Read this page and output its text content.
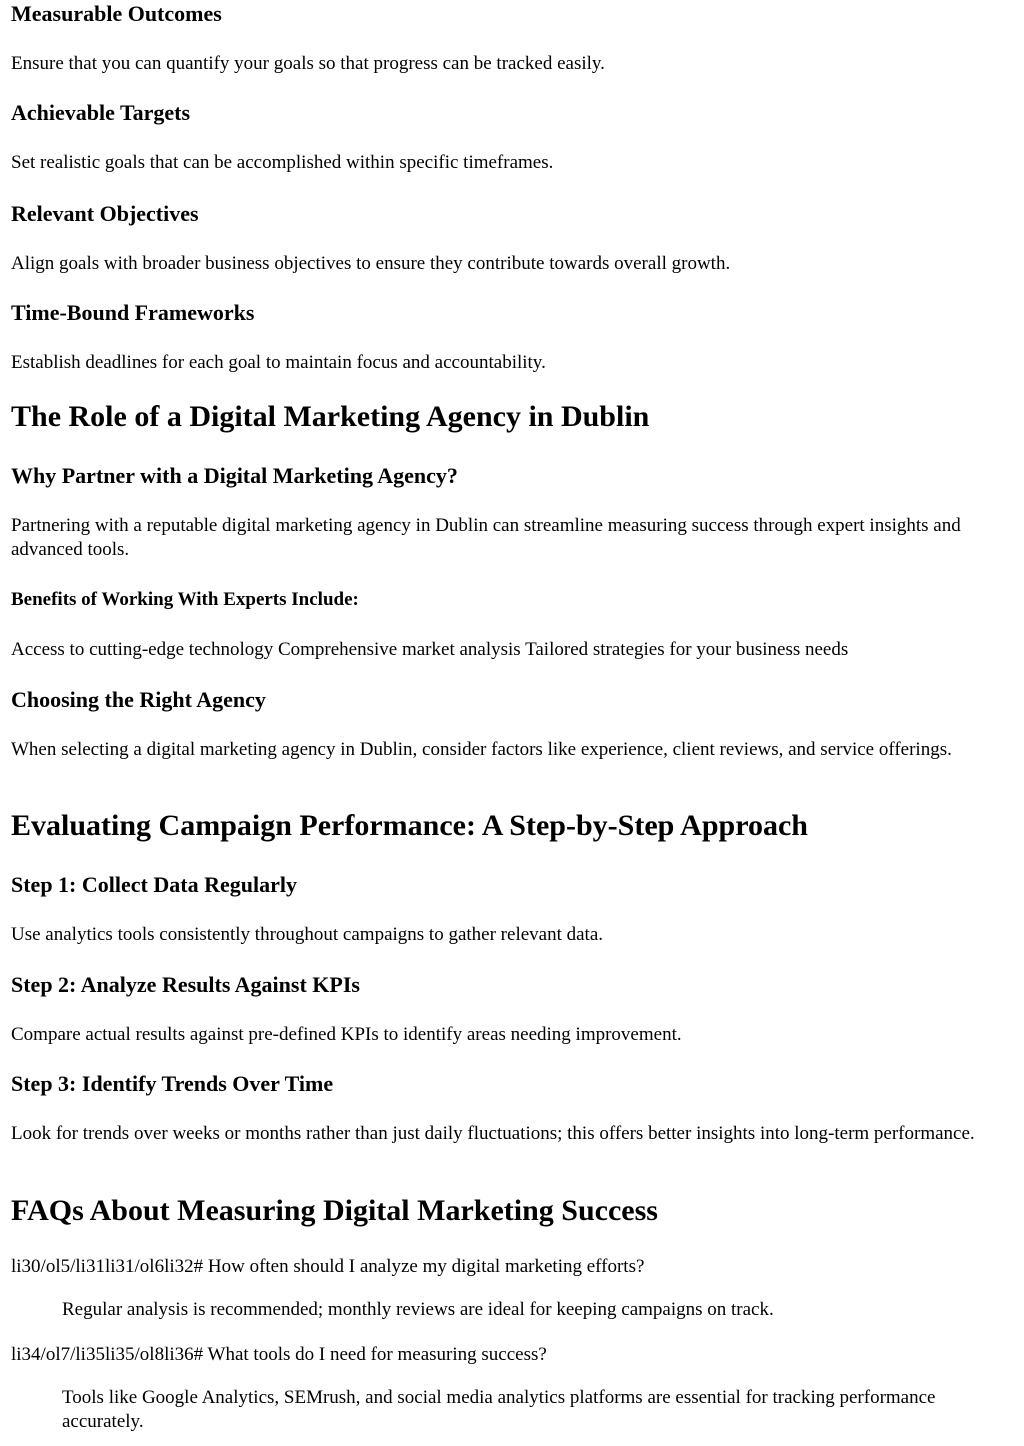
Measurable Outcomes

Ensure that you can quantify your goals so that progress can be tracked easily.

Achievable Targets

Set realistic goals that can be accomplished within specific timeframes.

Relevant Objectives

Align goals with broader business objectives to ensure they contribute towards overall growth.

Time-Bound Frameworks

Establish deadlines for each goal to maintain focus and accountability.

The Role of a Digital Marketing Agency in Dublin
Why Partner with a Digital Marketing Agency?

Partnering with a reputable digital marketing agency in Dublin can streamline measuring success through expert insights and advanced tools.

Benefits of Working With Experts Include:

Access to cutting-edge technology Comprehensive market analysis Tailored strategies for your business needs

Choosing the Right Agency

When selecting a digital marketing agency in Dublin, consider factors like experience, client reviews, and service offerings.

Evaluating Campaign Performance: A Step-by-Step Approach
Step 1: Collect Data Regularly

Use analytics tools consistently throughout campaigns to gather relevant data.

Step 2: Analyze Results Against KPIs

Compare actual results against pre-defined KPIs to identify areas needing improvement.

Step 3: Identify Trends Over Time

Look for trends over weeks or months rather than just daily fluctuations; this offers better insights into long-term performance.

FAQs About Measuring Digital Marketing Success

li30/ol5/li31li31/ol6li32# How often should I analyze my digital marketing efforts?

Regular analysis is recommended; monthly reviews are ideal for keeping campaigns on track.

li34/ol7/li35li35/ol8li36# What tools do I need for measuring success?

Tools like Google Analytics, SEMrush, and social media analytics platforms are essential for tracking performance accurately.
